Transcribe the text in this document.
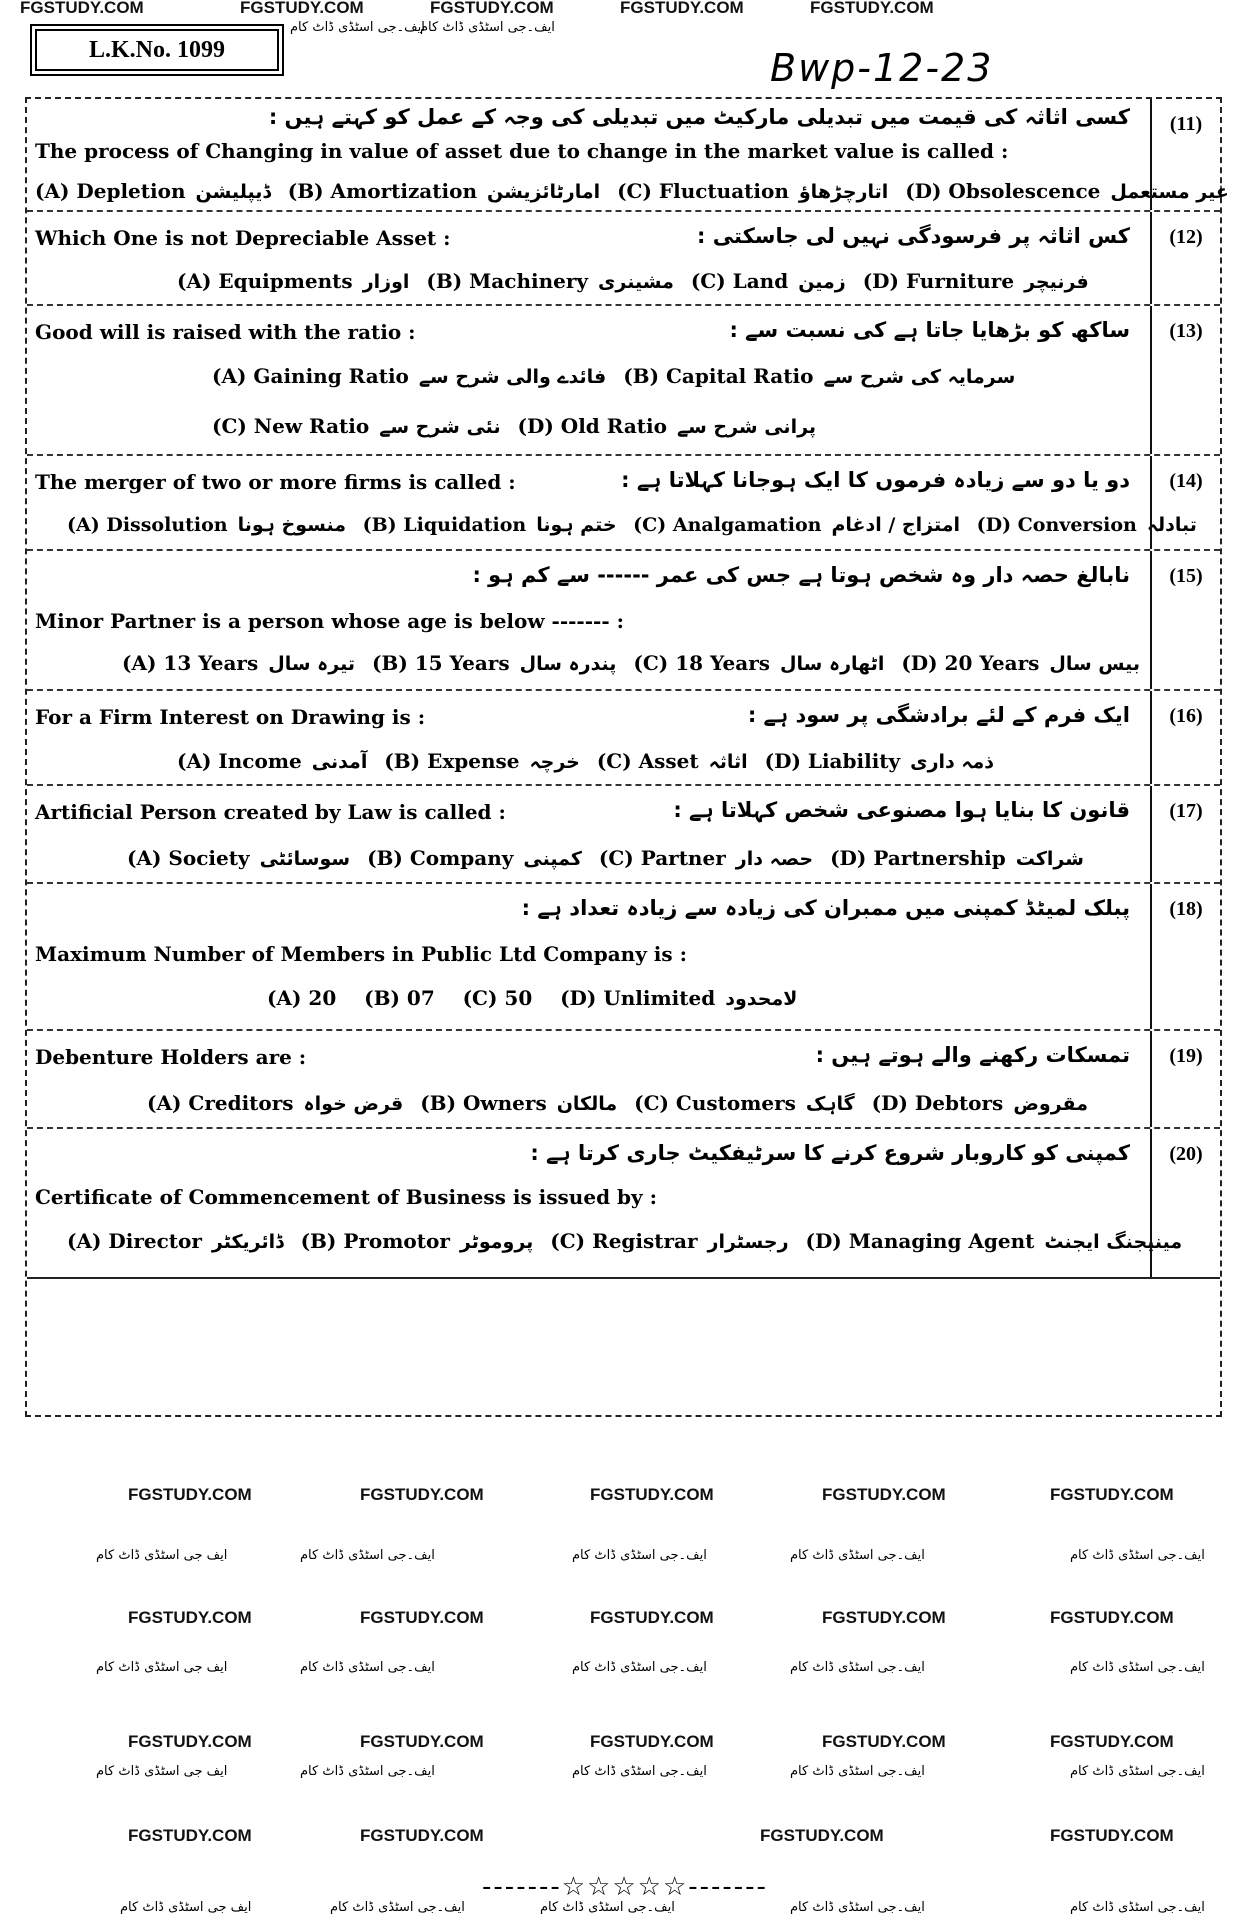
FGSTUDY.COM	FGSTUDY.COM	FGSTUDY.COM	FGSTUDY.COM	FGSTUDY.COM
ایف۔جی اسٹڈی ڈاٹ کام
ایف۔جی اسٹڈی ڈاٹ کام
L.K.No. 1099	Bwp-12-23
کسی اثاثہ کی قیمت میں تبدیلی مارکیٹ میں تبدیلی کی وجہ کے عمل کو کہتے ہیں :
The process of Changing in value of asset due to change in the market value is called :
(A) Depletion ڈیپلیشن (B) Amortization امارٹائزیشن (C) Fluctuation اتارچڑھاؤ (D) Obsolescence غیر مستعمل
(11)
Which One is not Depreciable Asset :	کس اثاثہ پر فرسودگی نہیں لی جاسکتی :
(A) Equipments اوزار (B) Machinery مشینری (C) Land زمین (D) Furniture فرنیچر
(12)
Good will is raised with the ratio :	ساکھ کو بڑھایا جاتا ہے کی نسبت سے :
(A) Gaining Ratio فائدے والی شرح سے (B) Capital Ratio سرمایہ کی شرح سے
(C) New Ratio نئی شرح سے (D) Old Ratio پرانی شرح سے
(13)
The merger of two or more firms is called :	دو یا دو سے زیادہ فرموں کا ایک ہوجانا کہلاتا ہے :
(A) Dissolution منسوخ ہونا (B) Liquidation ختم ہونا (C) Analgamation امتزاج / ادغام (D) Conversion تبادلہ
(14)
نابالغ حصہ دار وہ شخص ہوتا ہے جس کی عمر ------ سے کم ہو :
Minor Partner is a person whose age is below ------- :
(A) 13 Years تیرہ سال (B) 15 Years پندرہ سال (C) 18 Years اٹھارہ سال (D) 20 Years بیس سال
(15)
For a Firm Interest on Drawing is :	ایک فرم کے لئے برادشگی پر سود ہے :
(A) Income آمدنی (B) Expense خرچہ (C) Asset اثاثہ (D) Liability ذمہ داری
(16)
Artificial Person created by Law is called :	قانون کا بنایا ہوا مصنوعی شخص کہلاتا ہے :
(A) Society سوسائٹی (B) Company کمپنی (C) Partner حصہ دار (D) Partnership شراکت
(17)
پبلک لمیٹڈ کمپنی میں ممبران کی زیادہ سے زیادہ تعداد ہے :
Maximum Number of Members in Public Ltd Company is :
(A) 20 (B) 07 (C) 50 (D) Unlimited لامحدود
(18)
Debenture Holders are :	تمسکات رکھنے والے ہوتے ہیں :
(A) Creditors قرض خواہ (B) Owners مالکان (C) Customers گاہک (D) Debtors مقروض
(19)
کمپنی کو کاروبار شروع کرنے کا سرٹیفکیٹ جاری کرتا ہے :
Certificate of Commencement of Business is issued by :
(A) Director ڈائریکٹر (B) Promotor پروموٹر (C) Registrar رجسٹرار (D) Managing Agent مینیجنگ ایجنٹ
(20)
FGSTUDY.COM	FGSTUDY.COM	FGSTUDY.COM	FGSTUDY.COM	FGSTUDY.COM
ایف جی اسٹڈی ڈاٹ کام	ایف۔جی اسٹڈی ڈاٹ کام	ایف۔جی اسٹڈی ڈاٹ کام	ایف۔جی اسٹڈی ڈاٹ کام	ایف۔جی اسٹڈی ڈاٹ کام
FGSTUDY.COM	FGSTUDY.COM	FGSTUDY.COM	FGSTUDY.COM	FGSTUDY.COM
ایف جی اسٹڈی ڈاٹ کام	ایف۔جی اسٹڈی ڈاٹ کام	ایف۔جی اسٹڈی ڈاٹ کام	ایف۔جی اسٹڈی ڈاٹ کام	ایف۔جی اسٹڈی ڈاٹ کام
FGSTUDY.COM	FGSTUDY.COM	FGSTUDY.COM	FGSTUDY.COM	FGSTUDY.COM
ایف جی اسٹڈی ڈاٹ کام	ایف۔جی اسٹڈی ڈاٹ کام	ایف۔جی اسٹڈی ڈاٹ کام	ایف۔جی اسٹڈی ڈاٹ کام	ایف۔جی اسٹڈی ڈاٹ کام
FGSTUDY.COM	FGSTUDY.COM	FGSTUDY.COM	FGSTUDY.COM
-------☆☆☆☆☆-------
ایف جی اسٹڈی ڈاٹ کام	ایف۔جی اسٹڈی ڈاٹ کام	ایف۔جی اسٹڈی ڈاٹ کام	ایف۔جی اسٹڈی ڈاٹ کام	ایف۔جی اسٹڈی ڈاٹ کام
